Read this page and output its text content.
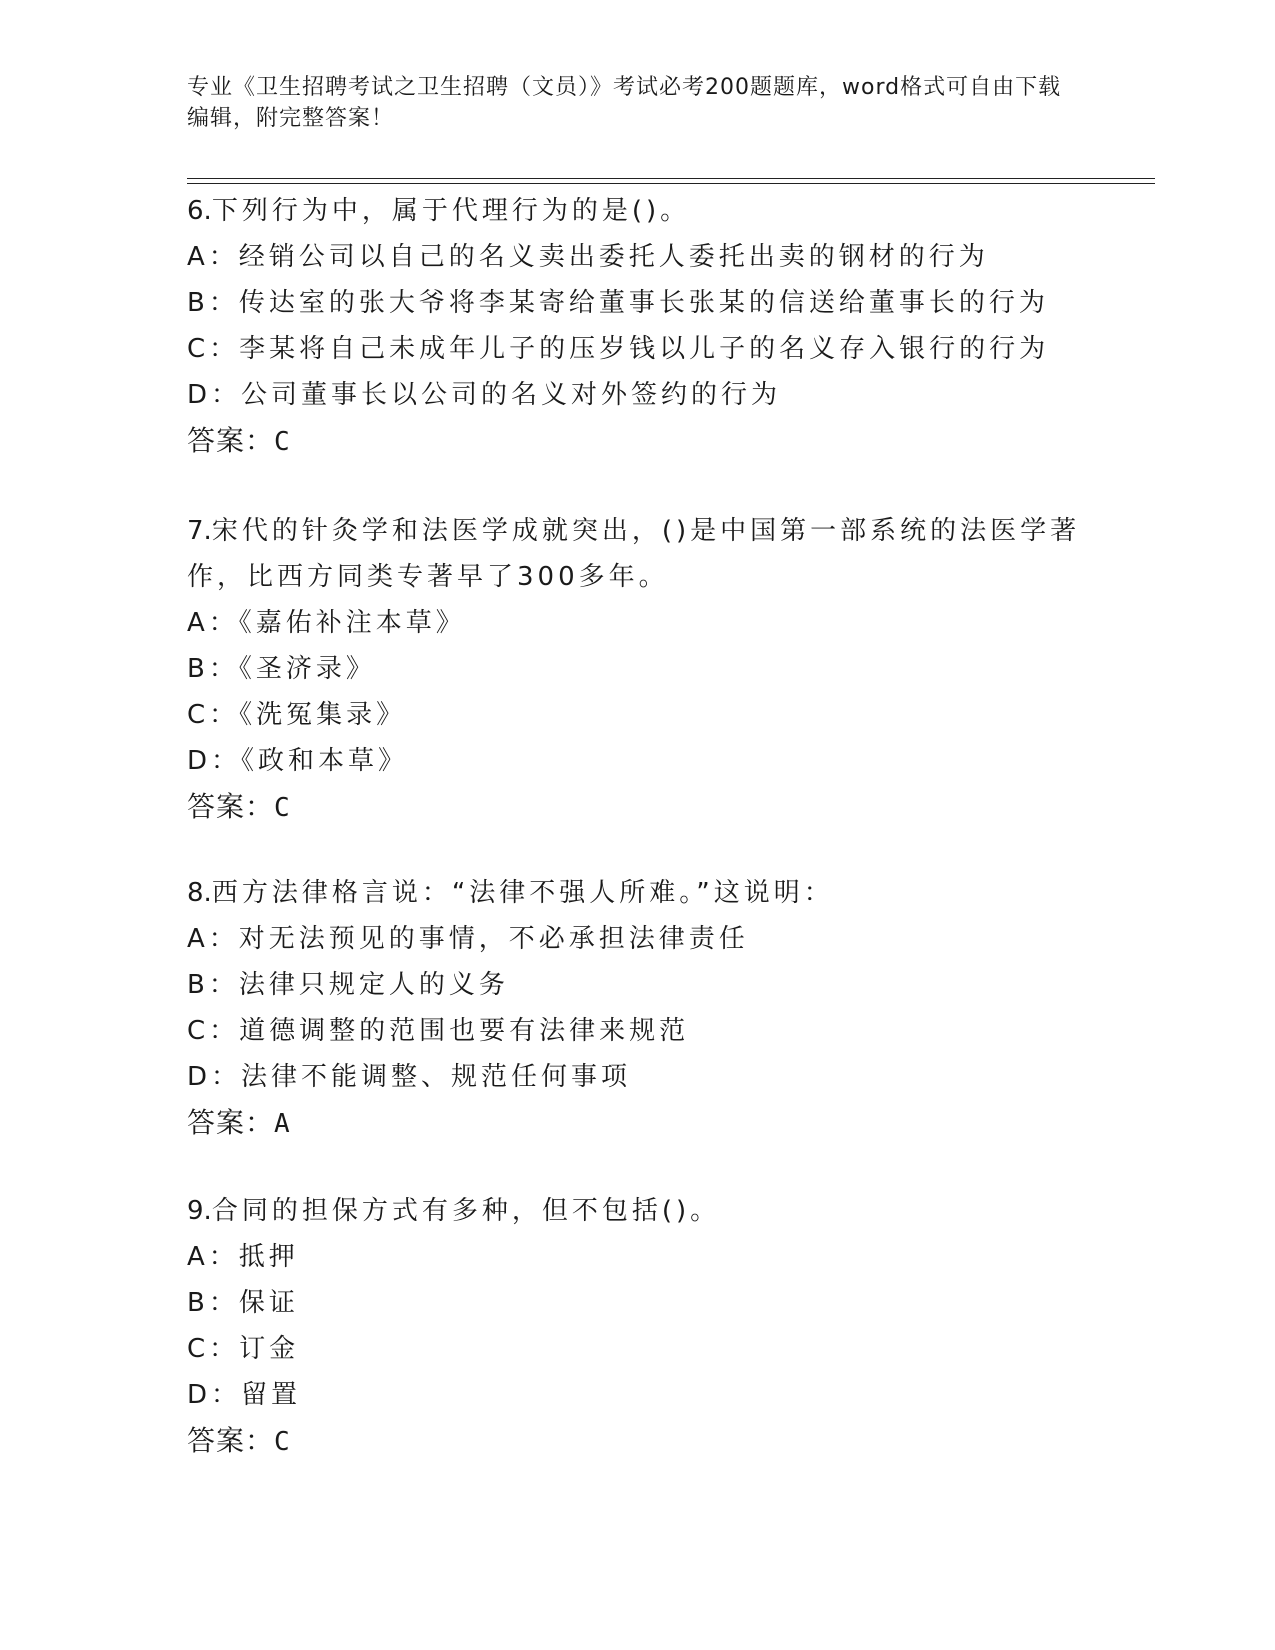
专业《卫生招聘考试之卫生招聘（文员）》考试必考200题题库，word格式可自由下载编辑，附完整答案！
6.下列行为中，属于代理行为的是()。
A：经销公司以自己的名义卖出委托人委托出卖的钢材的行为
B：传达室的张大爷将李某寄给董事长张某的信送给董事长的行为
C：李某将自己未成年儿子的压岁钱以儿子的名义存入银行的行为
D：公司董事长以公司的名义对外签约的行为
答案：C
7.宋代的针灸学和法医学成就突出，()是中国第一部系统的法医学著作，比西方同类专著早了300多年。
A：《嘉佑补注本草》
B：《圣济录》
C：《洗冤集录》
D：《政和本草》
答案：C
8.西方法律格言说：“法律不强人所难。”这说明：
A：对无法预见的事情，不必承担法律责任
B：法律只规定人的义务
C：道德调整的范围也要有法律来规范
D：法律不能调整、规范任何事项
答案：A
9.合同的担保方式有多种，但不包括()。
A：抵押
B：保证
C：订金
D：留置
答案：C
